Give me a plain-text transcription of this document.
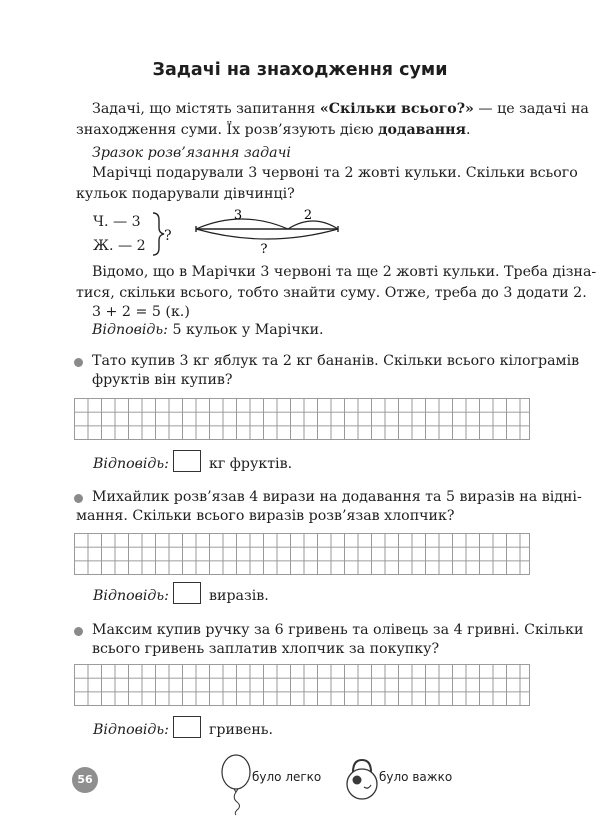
Задачі на знаходження суми
Задачі, що містять запитання «Скільки всього?» — це задачі на
знаходження суми. Їх розв’язують дією додавання.
Зразок розв’язання задачі
Марічці подарували 3 червоні та 2 жовті кульки. Скільки всього
кульок подарували дівчинці?
Ч. — 3
Ж. — 2
?
3	2
?
Відомо, що в Марічки 3 червоні та ще 2 жовті кульки. Треба дізна-
тися, скільки всього, тобто знайти суму. Отже, треба до 3 додати 2.
3 + 2 = 5 (к.)
Відповідь: 5 кульок у Марічки.
Тато купив 3 кг яблук та 2 кг бананів. Скільки всього кілограмів
фруктів він купив?
Відповідь:	кг фруктів.
Михайлик розв’язав 4 вирази на додавання та 5 виразів на відні-
мання. Скільки всього виразів розв’язав хлопчик?
Відповідь:	виразів.
Максим купив ручку за 6 гривень та олівець за 4 гривні. Скільки
всього гривень заплатив хлопчик за покупку?
Відповідь:	гривень.
56	було легко	було важко
